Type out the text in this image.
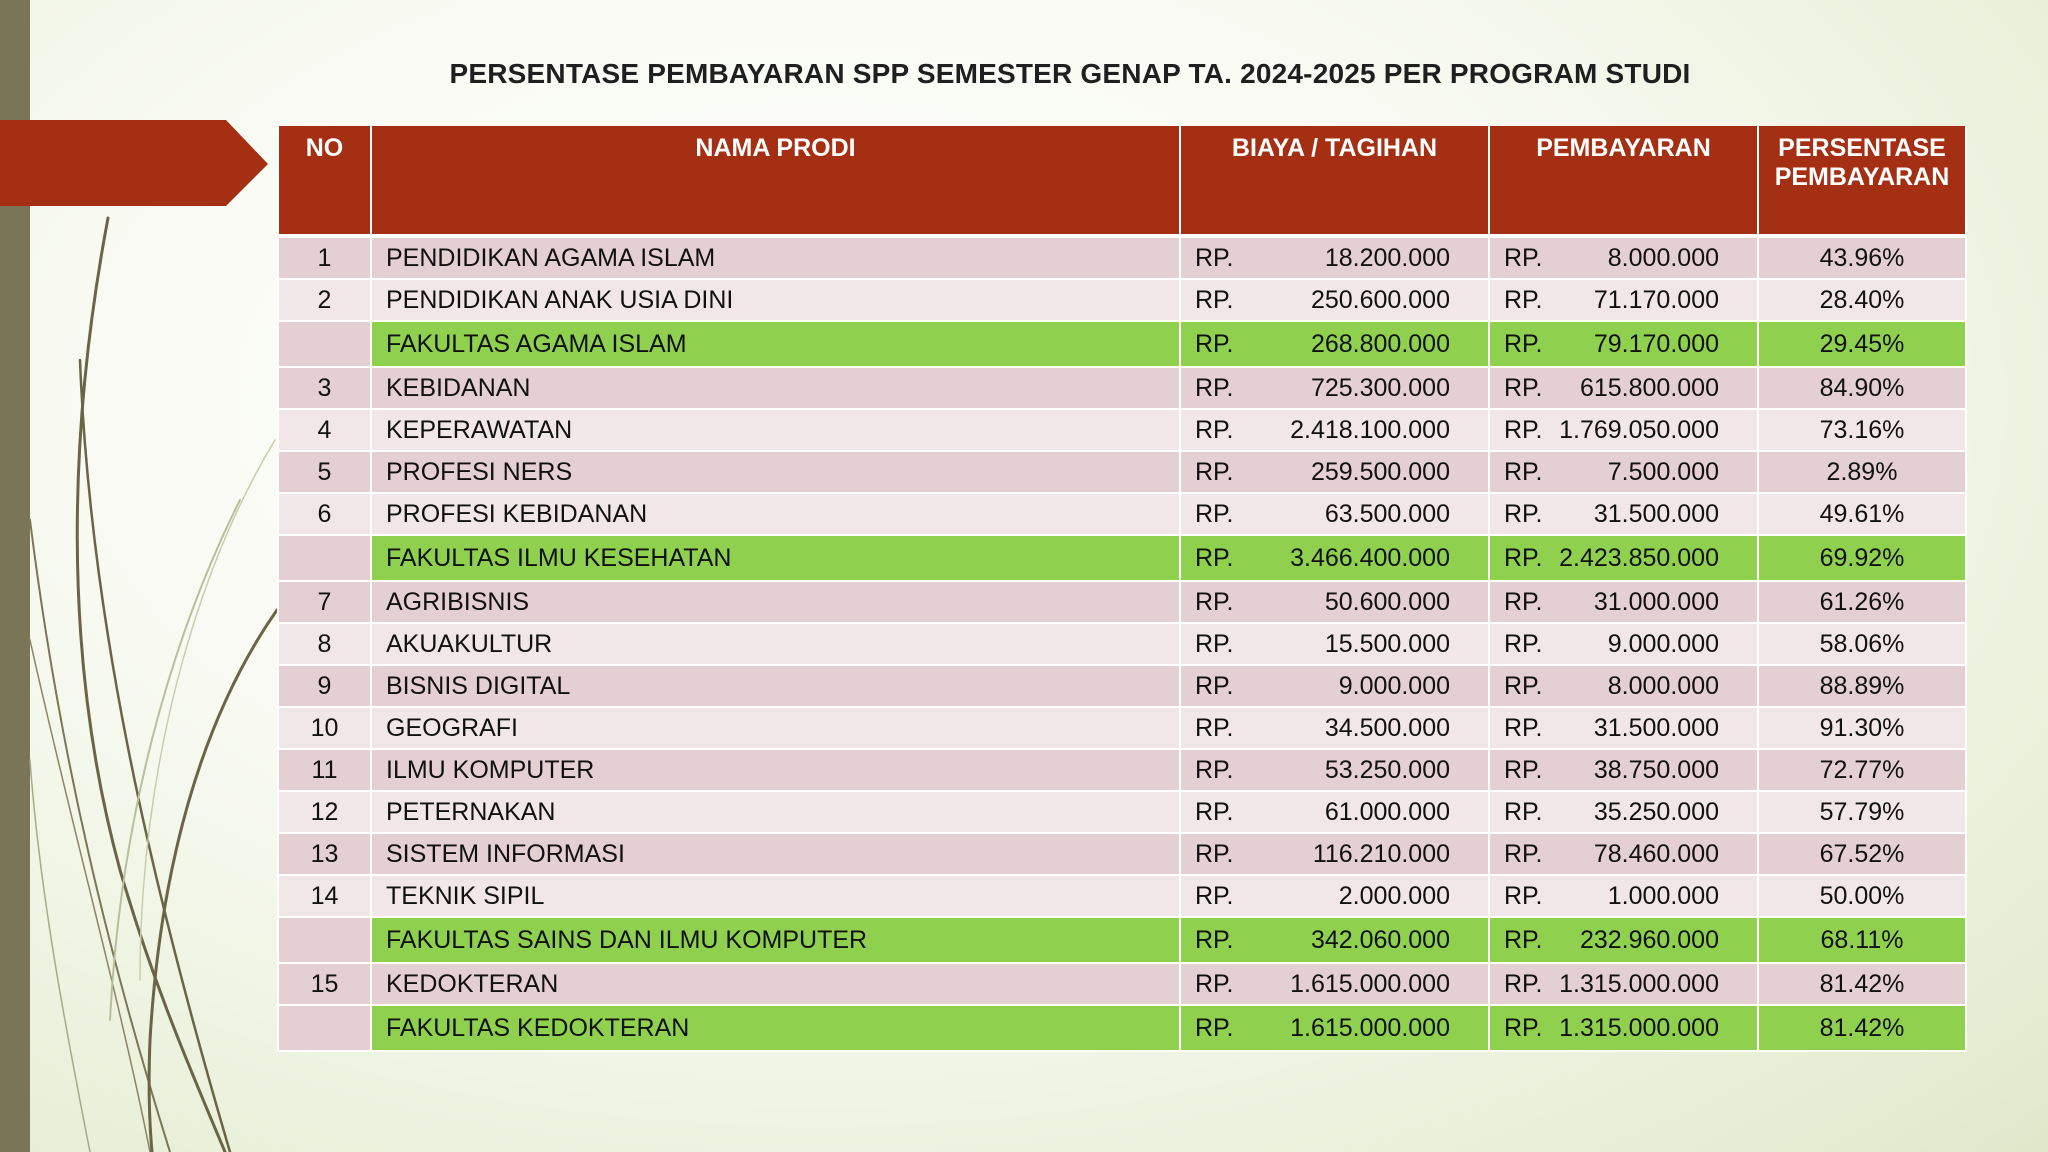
PERSENTASE PEMBAYARAN SPP SEMESTER GENAP TA. 2024-2025 PER PROGRAM STUDI
NO	NAMA PRODI	BIAYA / TAGIHAN	PEMBAYARAN	PERSENTASE PEMBAYARAN
1	PENDIDIKAN AGAMA ISLAM	RP. 18.200.000	RP. 8.000.000	43.96%
2	PENDIDIKAN ANAK USIA DINI	RP. 250.600.000	RP. 71.170.000	28.40%
	FAKULTAS AGAMA ISLAM	RP. 268.800.000	RP. 79.170.000	29.45%
3	KEBIDANAN	RP. 725.300.000	RP. 615.800.000	84.90%
4	KEPERAWATAN	RP. 2.418.100.000	RP. 1.769.050.000	73.16%
5	PROFESI NERS	RP. 259.500.000	RP. 7.500.000	2.89%
6	PROFESI KEBIDANAN	RP. 63.500.000	RP. 31.500.000	49.61%
	FAKULTAS ILMU KESEHATAN	RP. 3.466.400.000	RP. 2.423.850.000	69.92%
7	AGRIBISNIS	RP. 50.600.000	RP. 31.000.000	61.26%
8	AKUAKULTUR	RP. 15.500.000	RP. 9.000.000	58.06%
9	BISNIS DIGITAL	RP. 9.000.000	RP. 8.000.000	88.89%
10	GEOGRAFI	RP. 34.500.000	RP. 31.500.000	91.30%
11	ILMU KOMPUTER	RP. 53.250.000	RP. 38.750.000	72.77%
12	PETERNAKAN	RP. 61.000.000	RP. 35.250.000	57.79%
13	SISTEM INFORMASI	RP. 116.210.000	RP. 78.460.000	67.52%
14	TEKNIK SIPIL	RP. 2.000.000	RP. 1.000.000	50.00%
	FAKULTAS SAINS DAN ILMU KOMPUTER	RP. 342.060.000	RP. 232.960.000	68.11%
15	KEDOKTERAN	RP. 1.615.000.000	RP. 1.315.000.000	81.42%
	FAKULTAS KEDOKTERAN	RP. 1.615.000.000	RP. 1.315.000.000	81.42%
